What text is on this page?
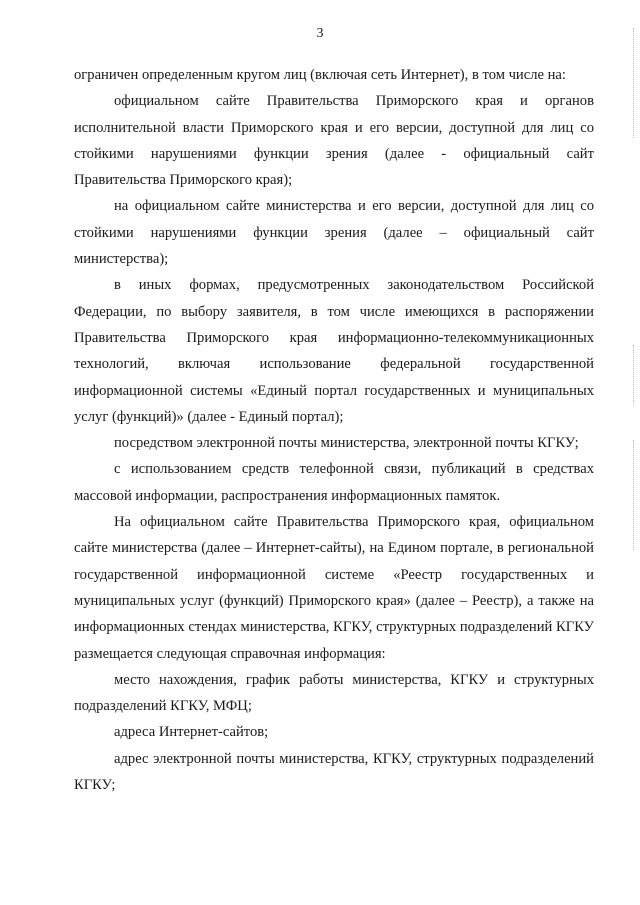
3

ограничен определенным кругом лиц (включая сеть Интернет), в том числе на:

официальном сайте Правительства Приморского края и органов исполнительной власти Приморского края и его версии, доступной для лиц со стойкими нарушениями функции зрения (далее - официальный сайт Правительства Приморского края);

на официальном сайте министерства и его версии, доступной для лиц со стойкими нарушениями функции зрения (далее – официальный сайт министерства);

в иных формах, предусмотренных законодательством Российской Федерации, по выбору заявителя, в том числе имеющихся в распоряжении Правительства Приморского края информационно-телекоммуникационных технологий, включая использование федеральной государственной информационной системы «Единый портал государственных и муниципальных услуг (функций)» (далее - Единый портал);

посредством электронной почты министерства, электронной почты КГКУ;

с использованием средств телефонной связи, публикаций в средствах массовой информации, распространения информационных памяток.

На официальном сайте Правительства Приморского края, официальном сайте министерства (далее – Интернет-сайты), на Едином портале, в региональной государственной информационной системе «Реестр государственных и муниципальных услуг (функций) Приморского края» (далее – Реестр), а также на информационных стендах министерства, КГКУ, структурных подразделений КГКУ размещается следующая справочная информация:

место нахождения, график работы министерства, КГКУ и структурных подразделений КГКУ, МФЦ;

адреса Интернет-сайтов;

адрес электронной почты министерства, КГКУ, структурных подразделений КГКУ;
